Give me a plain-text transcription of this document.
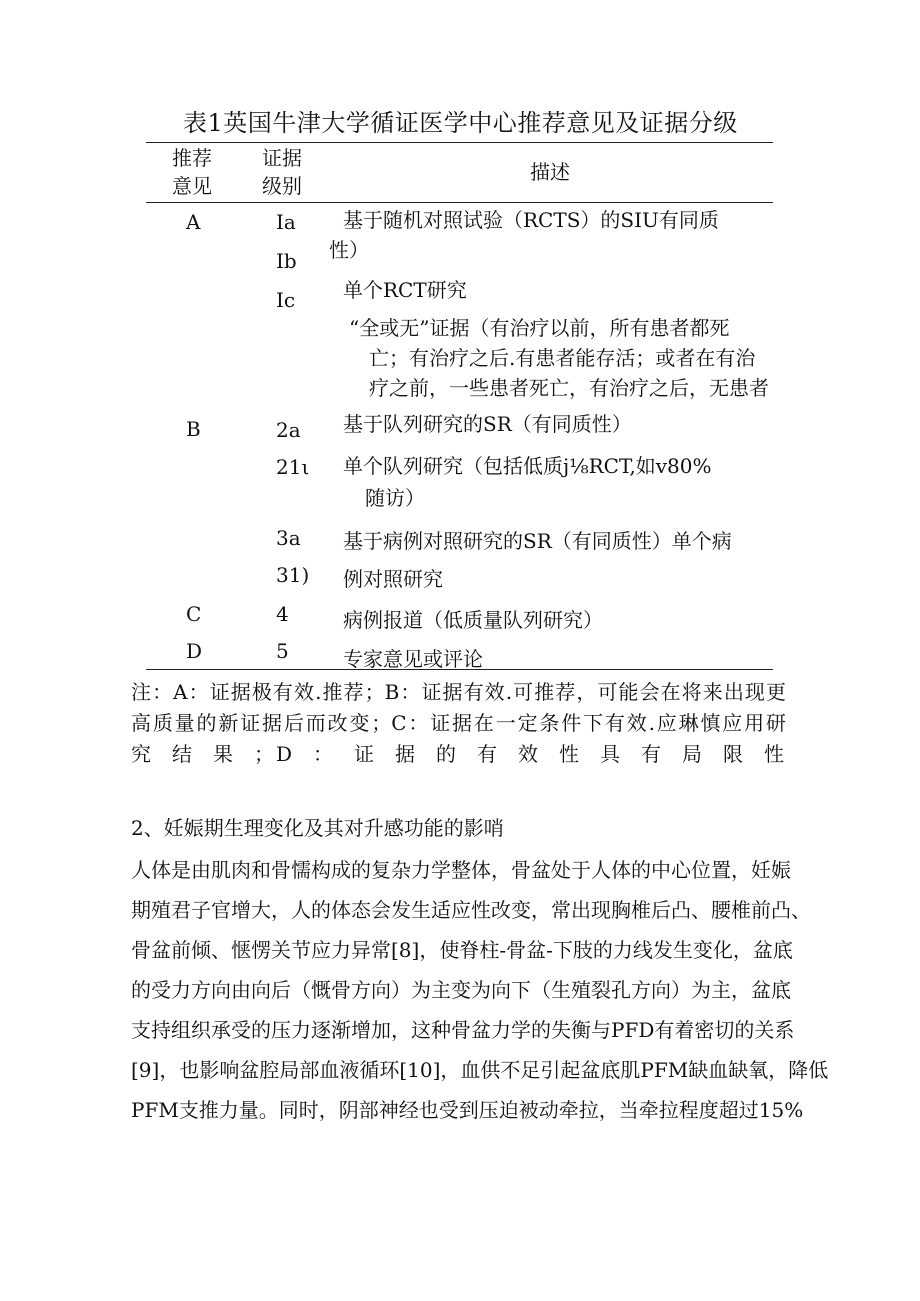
表1英国牛津大学循证医学中心推荐意见及证据分级
推荐
意见
证据
级别
描述
A
B
C
D
Ia
Ib
Ic
2a
21ι
3a
31)
4
5
基于随机对照试验（RCTS）的SIU有同质
性）
单个RCT研究
“全或无”证据（有治疗以前，所有患者都死
亡；有治疗之后.有患者能存活；或者在有治
疗之前，一些患者死亡，有治疗之后，无患者
基于队列研究的SR（有同质性）
单个队列研究（包括低质j⅛RCT,如v80%
随访）
基于病例对照研究的SR（有同质性）单个病
例对照研究
病例报道（低质量队列研究）
专家意见或评论
注：A：证据极有效.推荐；B：证据有效.可推荐，可能会在将来出现更
高质量的新证据后而改变；C：证据在一定条件下有效.应琳慎应用研
究结果；D：证据的有效性具有局限性
2、妊娠期生理变化及其对升感功能的影哨
人体是由肌肉和骨懦构成的复杂力学整体，骨盆处于人体的中心位置，妊娠
期殖君子官增大，人的体态会发生适应性改变，常出现胸椎后凸、腰椎前凸、
骨盆前倾、惬愣关节应力异常[8]，使脊柱-骨盆-下肢的力线发生变化，盆底
的受力方向由向后（慨骨方向）为主变为向下（生殖裂孔方向）为主，盆底
支持组织承受的压力逐渐增加，这种骨盆力学的失衡与PFD有着密切的关系
[9]，也影响盆腔局部血液循环[10]，血供不足引起盆底肌PFM缺血缺氧，降低
PFM支推力量。同时，阴部神经也受到压迫被动牵拉，当牵拉程度超过15%
